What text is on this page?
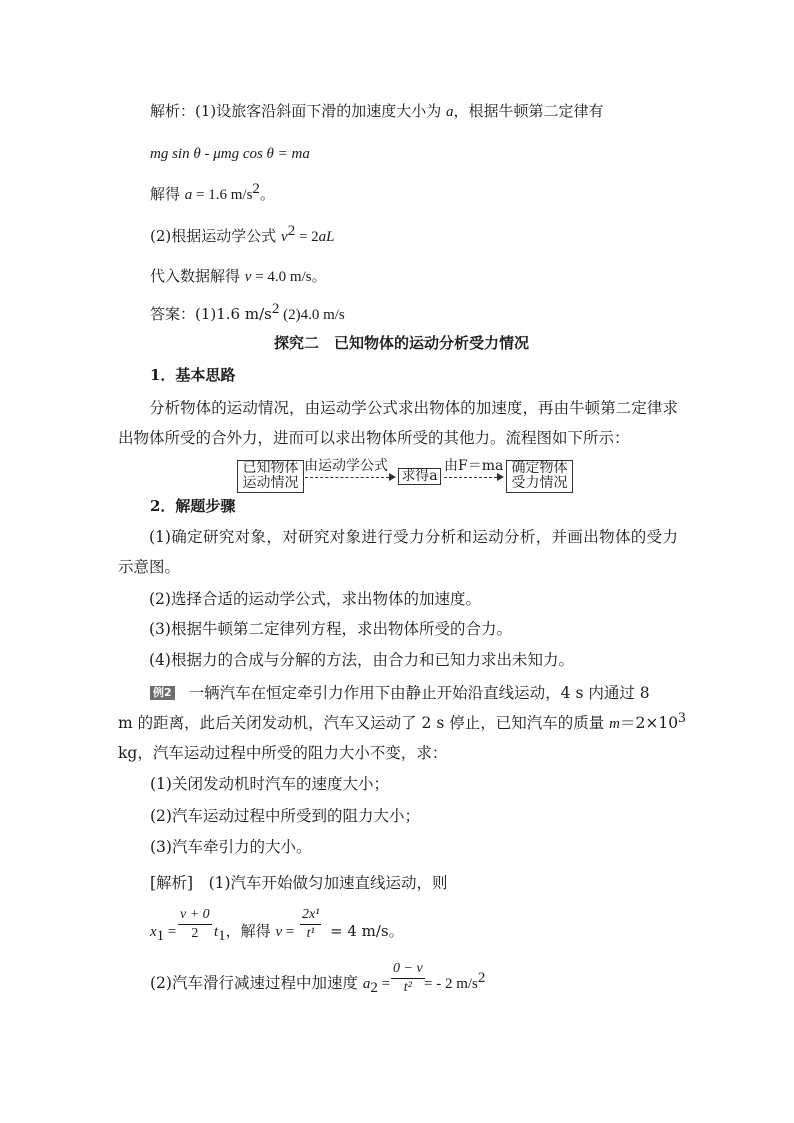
解析：(1)设旅客沿斜面下滑的加速度大小为 a，根据牛顿第二定律有
mg sin θ - μmg cos θ = ma
解得 a = 1.6 $m/s^2$。
(2)根据运动学公式 $v^2 = 2aL$
代入数据解得 v = 4.0 m/s。
答案：(1)1.6 $m/s^2$ (2)4.0 m/s
探究二　已知物体的运动分析受力情况
1．基本思路
分析物体的运动情况，由运动学公式求出物体的加速度，再由牛顿第二定律求出物体所受的合外力，进而可以求出物体所受的其他力。流程图如下所示：
已知物体
运动情况
由运动学公式
求得a
由F＝ma 确定物体
受力情况
2．解题步骤
(1)确定研究对象，对研究对象进行受力分析和运动分析，并画出物体的受力示意图。
(2)选择合适的运动学公式，求出物体的加速度。
(3)根据牛顿第二定律列方程，求出物体所受的合力。
(4)根据力的合成与分解的方法，由合力和已知力求出未知力。
例2 一辆汽车在恒定牵引力作用下由静止开始沿直线运动，4 s 内通过 8
m 的距离，此后关闭发动机，汽车又运动了 2 s 停止，已知汽车的质量 $m=2\times 10^3$
kg，汽车运动过程中所受的阻力大小不变，求：
(1)关闭发动机时汽车的速度大小；
(2)汽车运动过程中所受到的阻力大小；
(3)汽车牵引力的大小。
[解析]　(1)汽车开始做匀加速直线运动，则
$x_1$ =
v + 0
2 $t_1$，解得 v =
2x¹
t¹ = 4 m/s。
(2)汽车滑行减速过程中加速度 $a_2$ =
0 − v
t² = - 2 $m/s^2$
